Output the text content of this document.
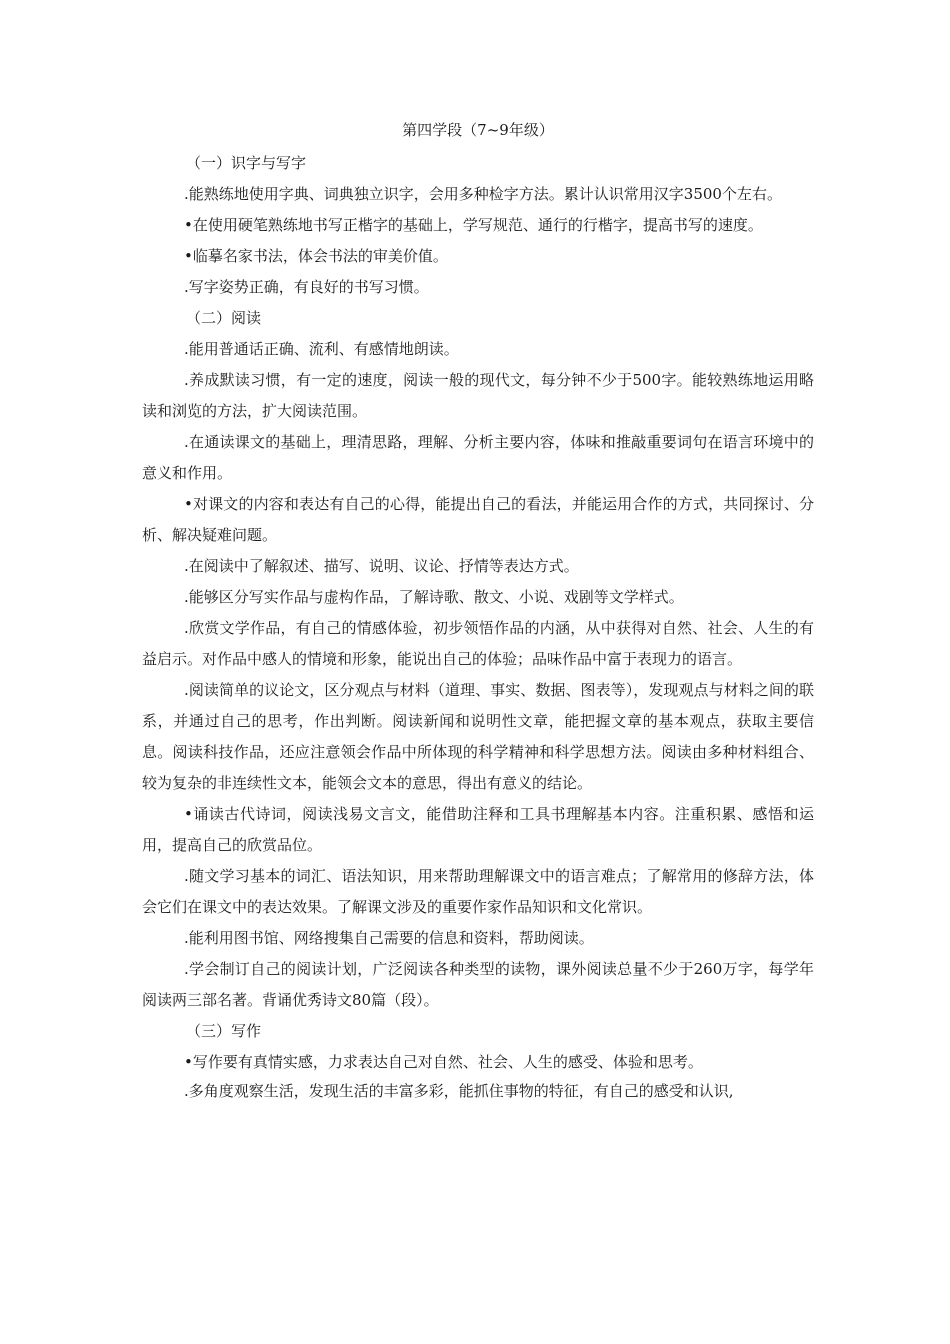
第四学段（7~9年级）
（一）识字与写字

.能熟练地使用字典、词典独立识字，会用多种检字方法。累计认识常用汉字3500个左右。

•在使用硬笔熟练地书写正楷字的基础上，学写规范、通行的行楷字，提高书写的速度。

•临摹名家书法，体会书法的审美价值。

.写字姿势正确，有良好的书写习惯。

（二）阅读

.能用普通话正确、流利、有感情地朗读。

.养成默读习惯，有一定的速度，阅读一般的现代文，每分钟不少于500字。能较熟练地运用略读和浏览的方法，扩大阅读范围。

.在通读课文的基础上，理清思路，理解、分析主要内容，体味和推敲重要词句在语言环境中的意义和作用。

•对课文的内容和表达有自己的心得，能提出自己的看法，并能运用合作的方式，共同探讨、分析、解决疑难问题。

.在阅读中了解叙述、描写、说明、议论、抒情等表达方式。

.能够区分写实作品与虚构作品，了解诗歌、散文、小说、戏剧等文学样式。

.欣赏文学作品，有自己的情感体验，初步领悟作品的内涵，从中获得对自然、社会、人生的有益启示。对作品中感人的情境和形象，能说出自己的体验；品味作品中富于表现力的语言。

.阅读简单的议论文，区分观点与材料（道理、事实、数据、图表等），发现观点与材料之间的联系，并通过自己的思考，作出判断。阅读新闻和说明性文章，能把握文章的基本观点，获取主要信息。阅读科技作品，还应注意领会作品中所体现的科学精神和科学思想方法。阅读由多种材料组合、较为复杂的非连续性文本，能领会文本的意思，得出有意义的结论。

•诵读古代诗词，阅读浅易文言文，能借助注释和工具书理解基本内容。注重积累、感悟和运用，提高自己的欣赏品位。

.随文学习基本的词汇、语法知识，用来帮助理解课文中的语言难点；了解常用的修辞方法，体会它们在课文中的表达效果。了解课文涉及的重要作家作品知识和文化常识。

.能利用图书馆、网络搜集自己需要的信息和资料，帮助阅读。

.学会制订自己的阅读计划，广泛阅读各种类型的读物，课外阅读总量不少于260万字，每学年阅读两三部名著。背诵优秀诗文80篇（段）。

（三）写作

•写作要有真情实感，力求表达自己对自然、社会、人生的感受、体验和思考。

.多角度观察生活，发现生活的丰富多彩，能抓住事物的特征，有自己的感受和认识,
